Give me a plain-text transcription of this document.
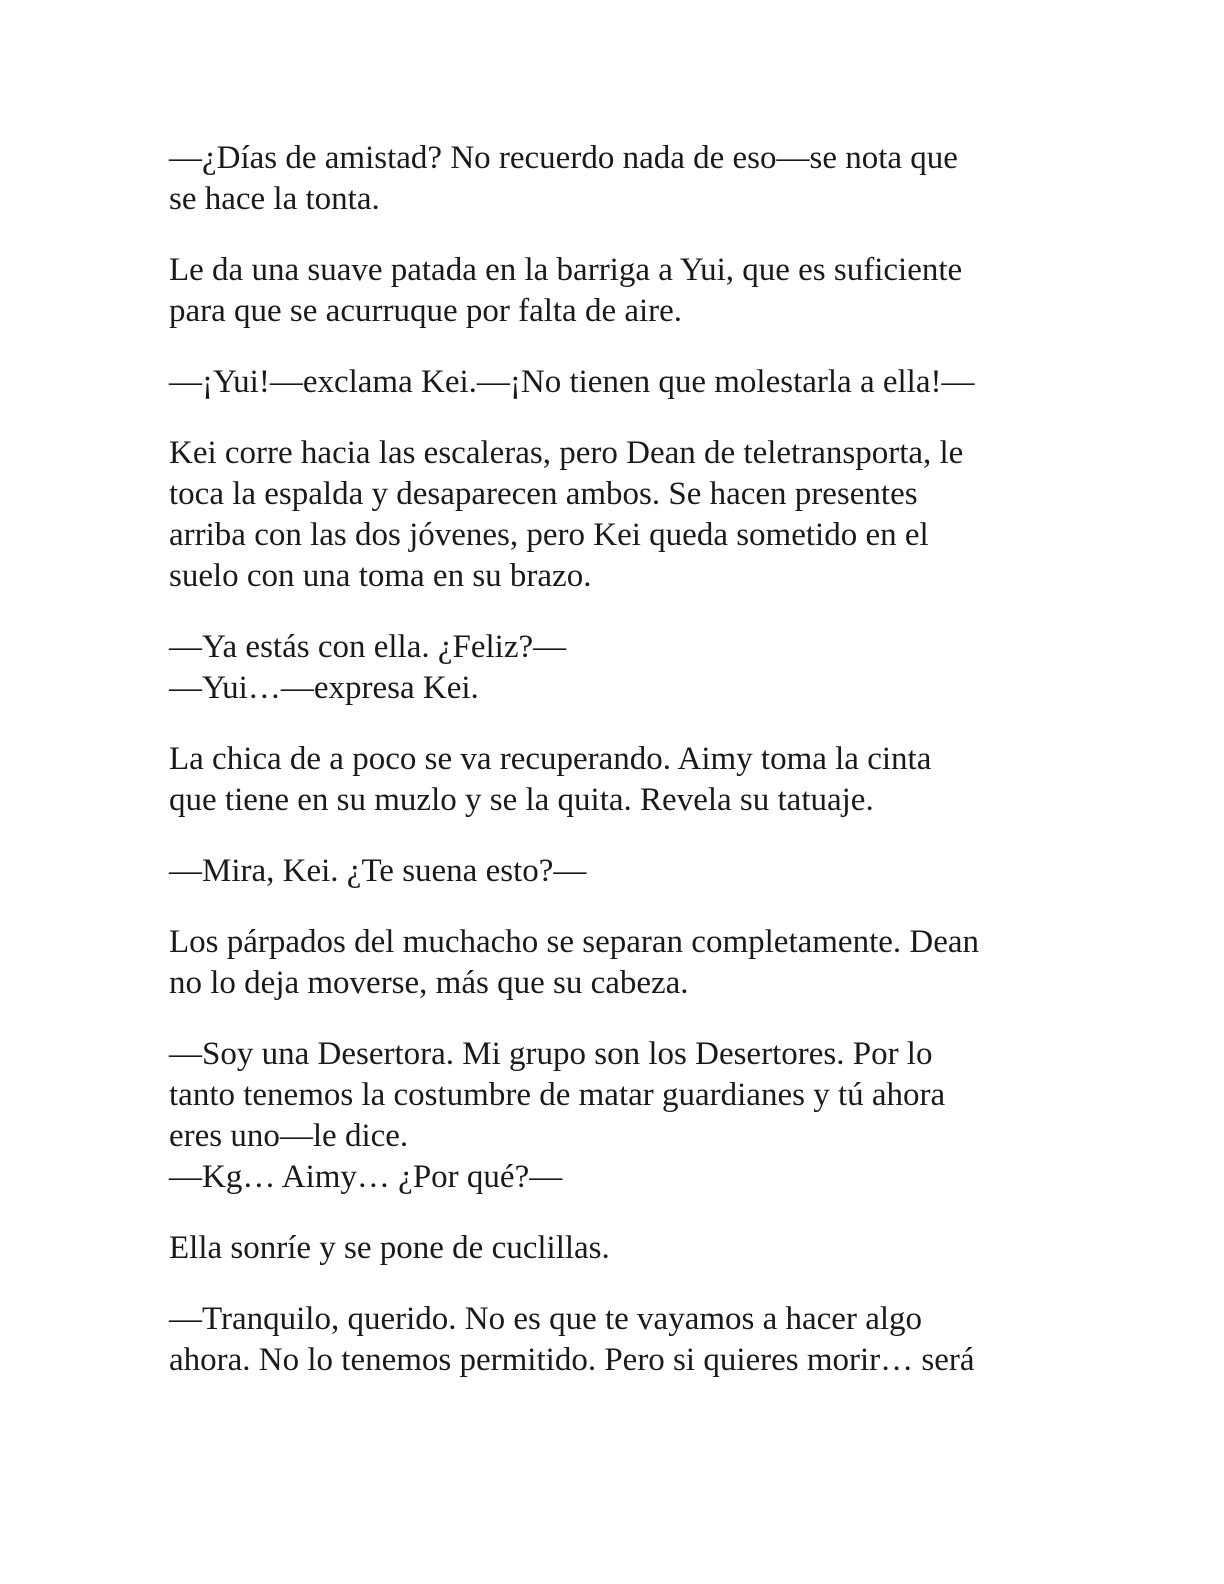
—¿Días de amistad? No recuerdo nada de eso—se nota que
se hace la tonta.

Le da una suave patada en la barriga a Yui, que es suficiente
para que se acurruque por falta de aire.

—¡Yui!—exclama Kei.—¡No tienen que molestarla a ella!—

Kei corre hacia las escaleras, pero Dean de teletransporta, le
toca la espalda y desaparecen ambos. Se hacen presentes
arriba con las dos jóvenes, pero Kei queda sometido en el
suelo con una toma en su brazo.

—Ya estás con ella. ¿Feliz?—
—Yui…—expresa Kei.

La chica de a poco se va recuperando. Aimy toma la cinta
que tiene en su muzlo y se la quita. Revela su tatuaje.

—Mira, Kei. ¿Te suena esto?—

Los párpados del muchacho se separan completamente. Dean
no lo deja moverse, más que su cabeza.

—Soy una Desertora. Mi grupo son los Desertores. Por lo
tanto tenemos la costumbre de matar guardianes y tú ahora
eres uno—le dice.
—Kg… Aimy… ¿Por qué?—

Ella sonríe y se pone de cuclillas.

—Tranquilo, querido. No es que te vayamos a hacer algo
ahora. No lo tenemos permitido. Pero si quieres morir… será
